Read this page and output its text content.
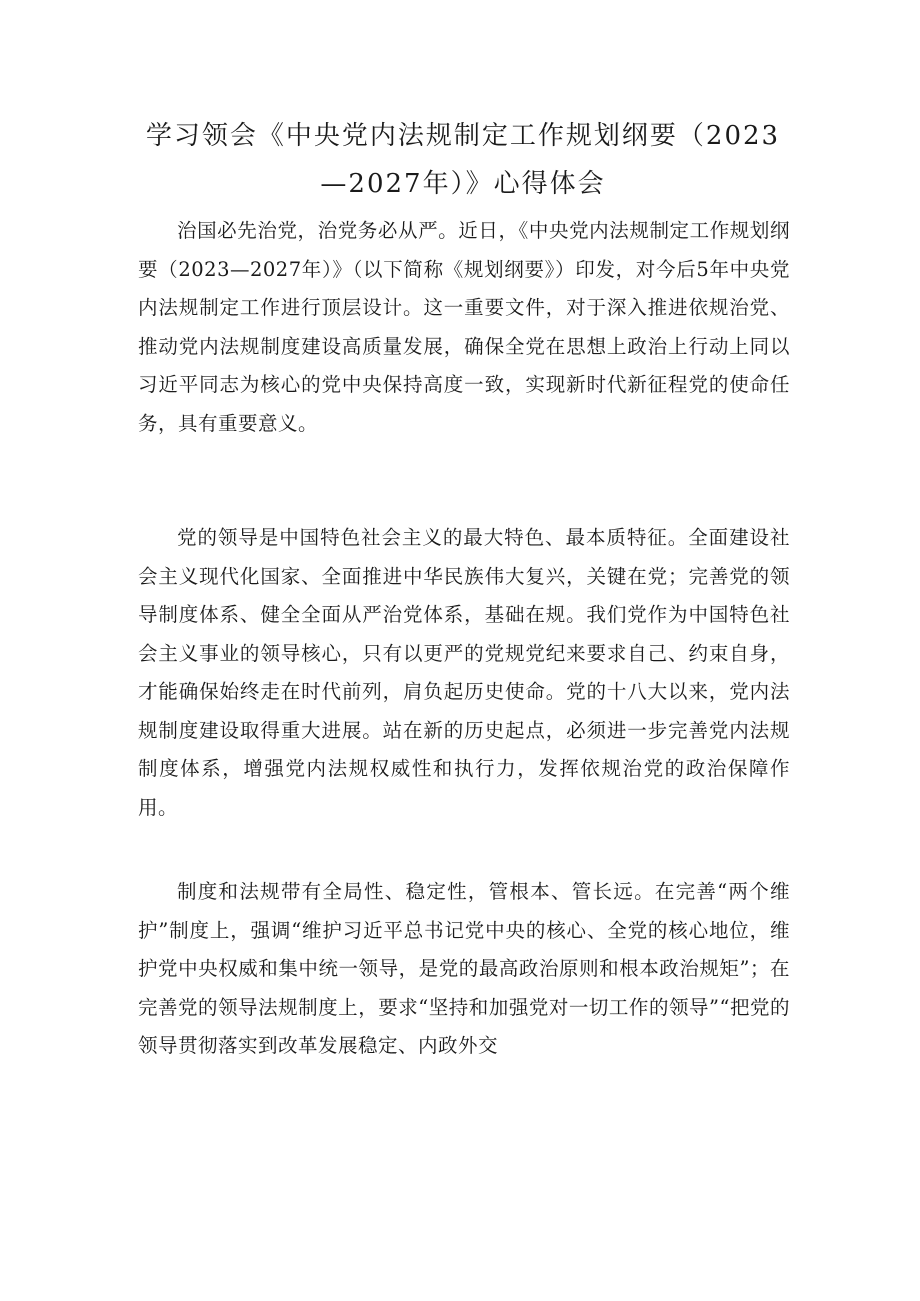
学习领会《中央党内法规制定工作规划纲要（2023—2027年）》心得体会

治国必先治党，治党务必从严。近日，《中央党内法规制定工作规划纲要（2023—2027年）》（以下简称《规划纲要》）印发，对今后5年中央党内法规制定工作进行顶层设计。这一重要文件，对于深入推进依规治党、推动党内法规制度建设高质量发展，确保全党在思想上政治上行动上同以习近平同志为核心的党中央保持高度一致，实现新时代新征程党的使命任务，具有重要意义。

党的领导是中国特色社会主义的最大特色、最本质特征。全面建设社会主义现代化国家、全面推进中华民族伟大复兴，关键在党；完善党的领导制度体系、健全全面从严治党体系，基础在规。我们党作为中国特色社会主义事业的领导核心，只有以更严的党规党纪来要求自己、约束自身，才能确保始终走在时代前列，肩负起历史使命。党的十八大以来，党内法规制度建设取得重大进展。站在新的历史起点，必须进一步完善党内法规制度体系，增强党内法规权威性和执行力，发挥依规治党的政治保障作用。

制度和法规带有全局性、稳定性，管根本、管长远。在完善“两个维护”制度上，强调“维护习近平总书记党中央的核心、全党的核心地位，维护党中央权威和集中统一领导，是党的最高政治原则和根本政治规矩”；在完善党的领导法规制度上，要求“坚持和加强党对一切工作的领导”“把党的领导贯彻落实到改革发展稳定、内政外交
